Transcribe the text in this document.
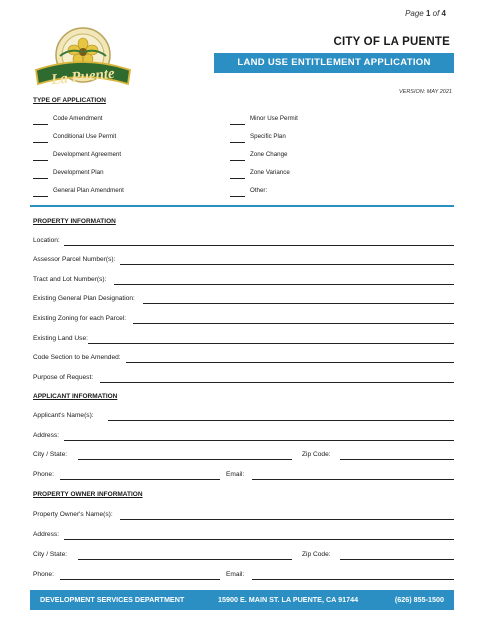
Page 1 of 4
La Puente
CITY OF LA PUENTE
LAND USE ENTITLEMENT APPLICATION
VERSION: MAY 2021
TYPE OF APPLICATION
Code Amendment
Conditional Use Permit
Development Agreement
Development Plan
General Plan Amendment
Minor Use Permit
Specific Plan
Zone Change
Zone Variance
Other:
PROPERTY INFORMATION
Location:
Assessor Parcel Number(s):
Tract and Lot Number(s):
Existing General Plan Designation:
Existing Zoning for each Parcel:
Existing Land Use:
Code Section to be Amended:
Purpose of Request:
APPLICANT INFORMATION
Applicant's Name(s):
Address:
City / State:	Zip Code:
Phone:	Email:
PROPERTY OWNER INFORMATION
Property Owner's Name(s):
Address:
City / State:	Zip Code:
Phone:	Email:
DEVELOPMENT SERVICES DEPARTMENT	15900 E. MAIN ST. LA PUENTE, CA 91744	(626) 855-1500
